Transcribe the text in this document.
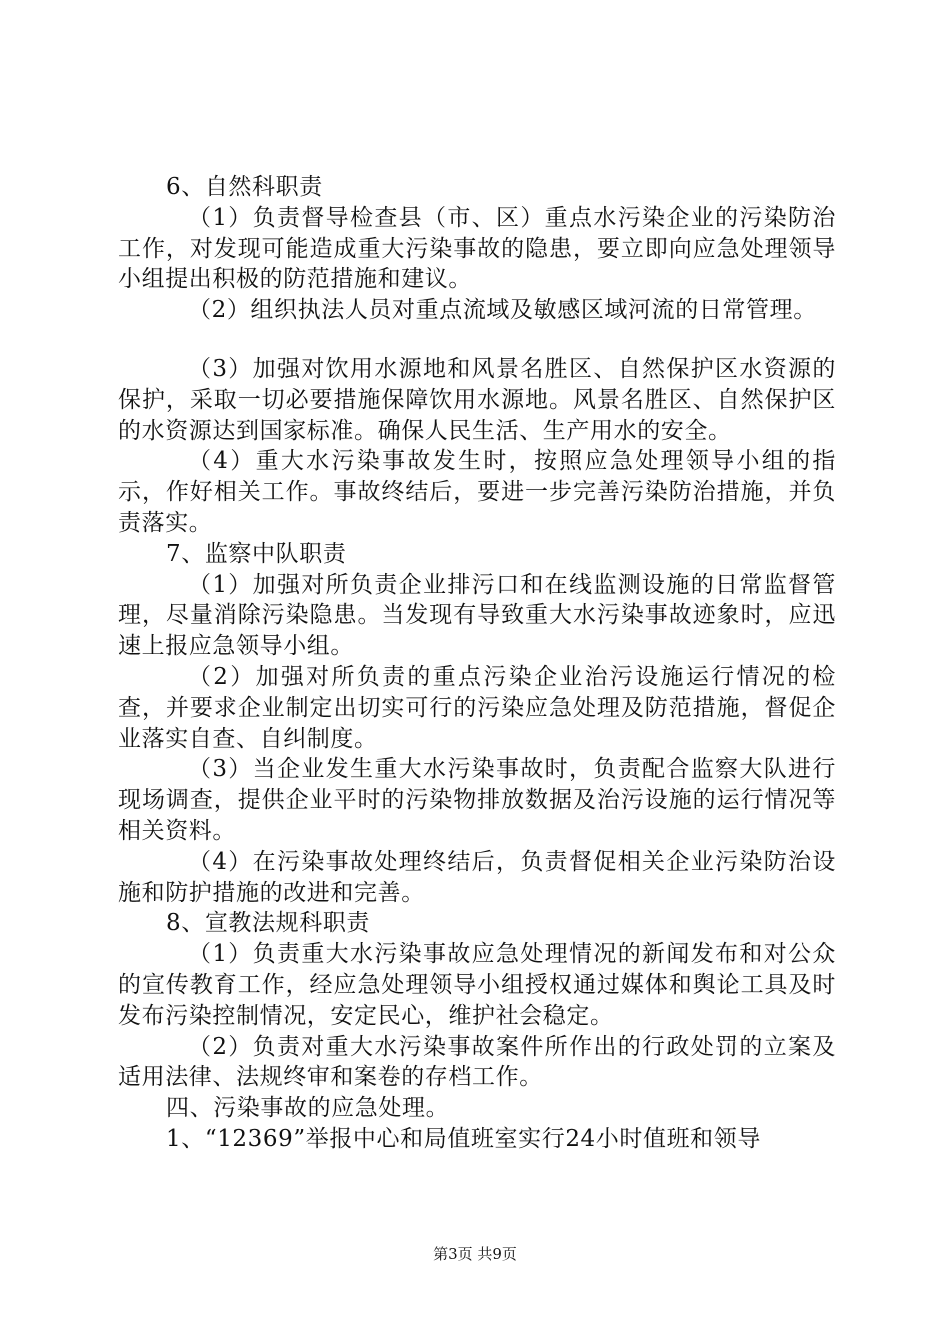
6、自然科职责

（1）负责督导检查县（市、区）重点水污染企业的污染防治工作，对发现可能造成重大污染事故的隐患，要立即向应急处理领导小组提出积极的防范措施和建议。

（2）组织执法人员对重点流域及敏感区域河流的日常管理。

（3）加强对饮用水源地和风景名胜区、自然保护区水资源的保护，采取一切必要措施保障饮用水源地。风景名胜区、自然保护区的水资源达到国家标准。确保人民生活、生产用水的安全。

（4）重大水污染事故发生时，按照应急处理领导小组的指示，作好相关工作。事故终结后，要进一步完善污染防治措施，并负责落实。

7、监察中队职责

（1）加强对所负责企业排污口和在线监测设施的日常监督管理，尽量消除污染隐患。当发现有导致重大水污染事故迹象时，应迅速上报应急领导小组。

（2）加强对所负责的重点污染企业治污设施运行情况的检查，并要求企业制定出切实可行的污染应急处理及防范措施，督促企业落实自查、自纠制度。

（3）当企业发生重大水污染事故时，负责配合监察大队进行现场调查，提供企业平时的污染物排放数据及治污设施的运行情况等相关资料。

（4）在污染事故处理终结后，负责督促相关企业污染防治设施和防护措施的改进和完善。

8、宣教法规科职责

（1）负责重大水污染事故应急处理情况的新闻发布和对公众的宣传教育工作，经应急处理领导小组授权通过媒体和舆论工具及时发布污染控制情况，安定民心，维护社会稳定。

（2）负责对重大水污染事故案件所作出的行政处罚的立案及适用法律、法规终审和案卷的存档工作。

四、污染事故的应急处理。

1、“12369”举报中心和局值班室实行24小时值班和领导

第3页 共9页
